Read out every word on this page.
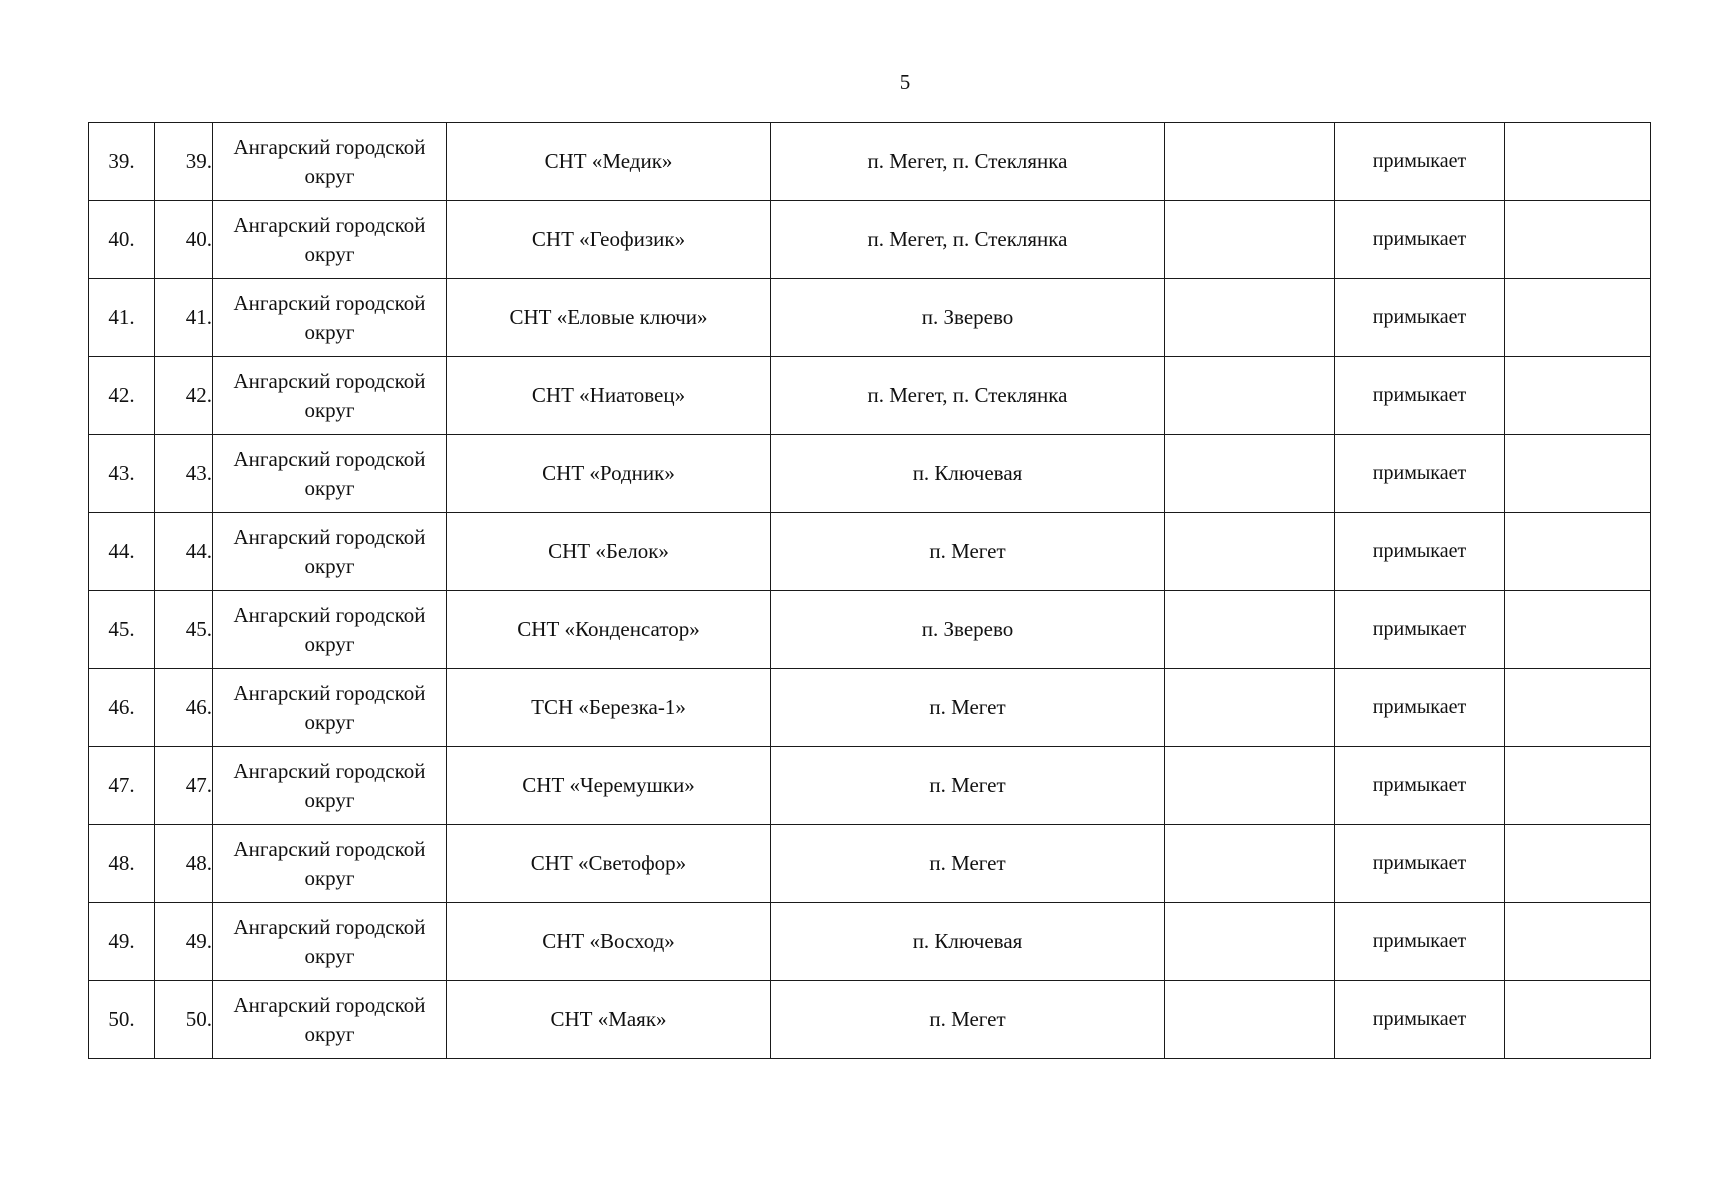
5
39.	39.	Ангарский городской округ	СНТ «Медик»	п. Мегет, п. Стеклянка		примыкает	
40.	40.	Ангарский городской округ	СНТ «Геофизик»	п. Мегет, п. Стеклянка		примыкает	
41.	41.	Ангарский городской округ	СНТ «Еловые ключи»	п. Зверево		примыкает	
42.	42.	Ангарский городской округ	СНТ «Ниатовец»	п. Мегет, п. Стеклянка		примыкает	
43.	43.	Ангарский городской округ	СНТ «Родник»	п. Ключевая		примыкает	
44.	44.	Ангарский городской округ	СНТ «Белок»	п. Мегет		примыкает	
45.	45.	Ангарский городской округ	СНТ «Конденсатор»	п. Зверево		примыкает	
46.	46.	Ангарский городской округ	ТСН «Березка-1»	п. Мегет		примыкает	
47.	47.	Ангарский городской округ	СНТ «Черемушки»	п. Мегет		примыкает	
48.	48.	Ангарский городской округ	СНТ «Светофор»	п. Мегет		примыкает	
49.	49.	Ангарский городской округ	СНТ «Восход»	п. Ключевая		примыкает	
50.	50.	Ангарский городской округ	СНТ «Маяк»	п. Мегет		примыкает	
